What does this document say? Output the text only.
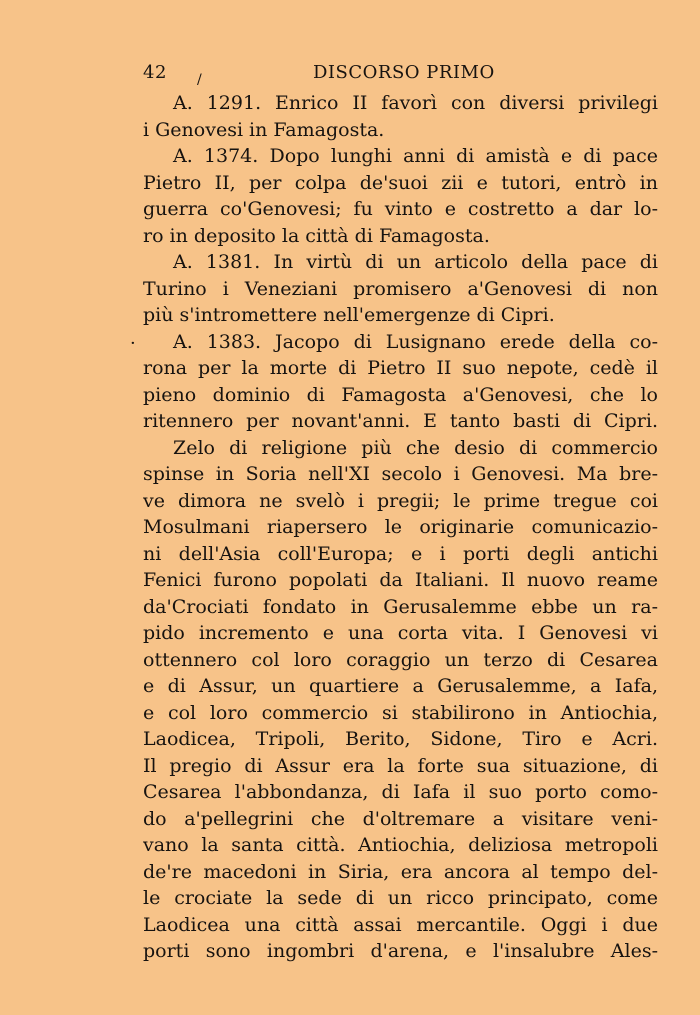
42	DISCORSO PRIMO
/
·
A. 1291. Enrico II favorì con diversi privilegi
i Genovesi in Famagosta.
A. 1374. Dopo lunghi anni di amistà e di pace
Pietro II, per colpa de'suoi zii e tutori, entrò in
guerra co'Genovesi; fu vinto e costretto a dar lo-
ro in deposito la città di Famagosta.
A. 1381. In virtù di un articolo della pace di
Turino i Veneziani promisero a'Genovesi di non
più s'intromettere nell'emergenze di Cipri.
A. 1383. Jacopo di Lusignano erede della co-
rona per la morte di Pietro II suo nepote, cedè il
pieno dominio di Famagosta a'Genovesi, che lo
ritennero per novant'anni. E tanto basti di Cipri.
Zelo di religione più che desio di commercio
spinse in Soria nell'XI secolo i Genovesi. Ma bre-
ve dimora ne svelò i pregii; le prime tregue coi
Mosulmani riapersero le originarie comunicazio-
ni dell'Asia coll'Europa; e i porti degli antichi
Fenici furono popolati da Italiani. Il nuovo reame
da'Crociati fondato in Gerusalemme ebbe un ra-
pido incremento e una corta vita. I Genovesi vi
ottennero col loro coraggio un terzo di Cesarea
e di Assur, un quartiere a Gerusalemme, a Iafa,
e col loro commercio si stabilirono in Antiochia,
Laodicea, Tripoli, Berito, Sidone, Tiro e Acri.
Il pregio di Assur era la forte sua situazione, di
Cesarea l'abbondanza, di Iafa il suo porto como-
do a'pellegrini che d'oltremare a visitare veni-
vano la santa città. Antiochia, deliziosa metropoli
de're macedoni in Siria, era ancora al tempo del-
le crociate la sede di un ricco principato, come
Laodicea una città assai mercantile. Oggi i due
porti sono ingombri d'arena, e l'insalubre Ales-
